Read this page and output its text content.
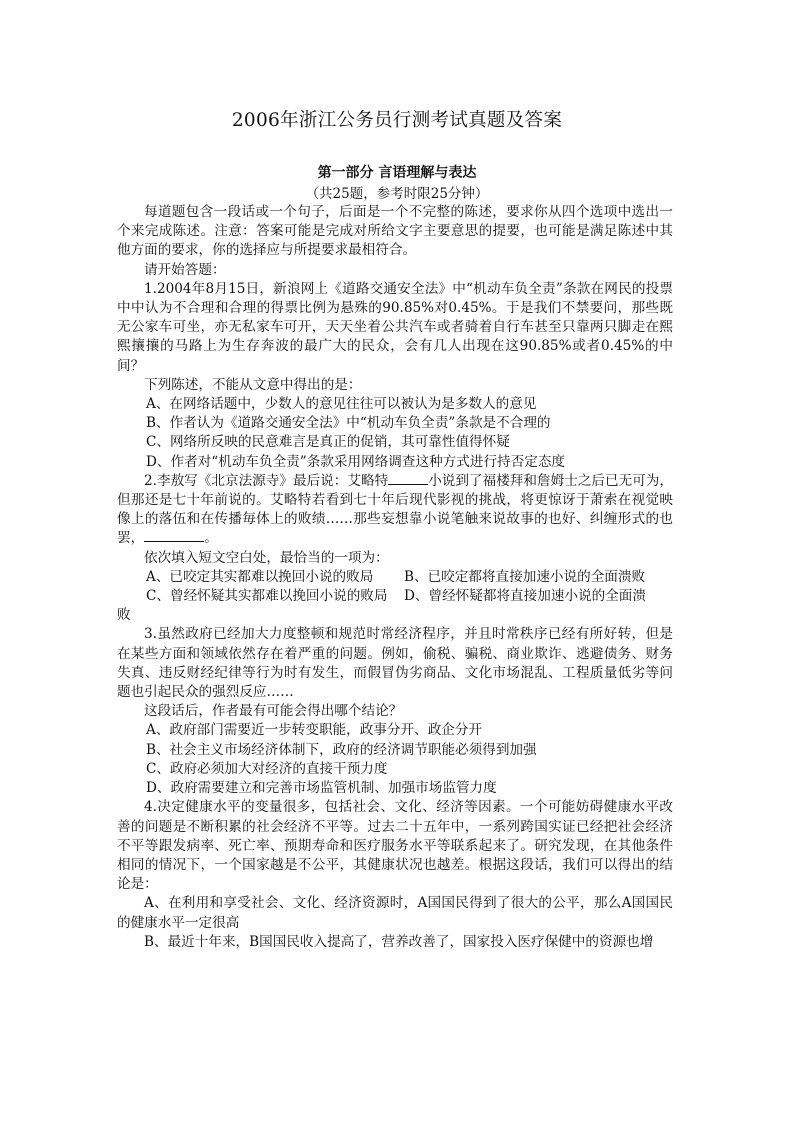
2006年浙江公务员行测考试真题及答案
第一部分 言语理解与表达
（共25题，参考时限25分钟）

每道题包含一段话或一个句子，后面是一个不完整的陈述，要求你从四个选项中选出一个来完成陈述。注意：答案可能是完成对所给文字主要意思的提要，也可能是满足陈述中其他方面的要求，你的选择应与所提要求最相符合。

请开始答题：

1.2004年8月15日，新浪网上《道路交通安全法》中“机动车负全责”条款在网民的投票中中认为不合理和合理的得票比例为悬殊的90.85%对0.45%。于是我们不禁要问，那些既无公家车可坐，亦无私家车可开，天天坐着公共汽车或者骑着自行车甚至只靠两只脚走在熙熙攘攘的马路上为生存奔波的最广大的民众，会有几人出现在这90.85%或者0.45%的中间？

下列陈述，不能从文意中得出的是：

A、在网络话题中，少数人的意见往往可以被认为是多数人的意见

B、作者认为《道路交通安全法》中“机动车负全责”条款是不合理的

C、网络所反映的民意难言是真正的促销，其可靠性值得怀疑

D、作者对“机动车负全责”条款采用网络调查这种方式进行持否定态度

2.李敖写《北京法源寺》最后说：艾略特	小说到了福楼拜和詹姆士之后已无可为，但那还是七十年前说的。艾略特若看到七十年后现代影视的挑战，将更惊讶于萧索在视觉映像上的落伍和在传播毎体上的败绩……那些妄想靠小说笔触来说故事的也好、纠缠形式的也罢，	。

依次填入短文空白处，最恰当的一项为：

A、已咬定其实都难以挽回小说的败局	B、已咬定都将直接加速小说的全面溃败
C、曾经怀疑其实都难以挽回小说的败局	D、曾经怀疑都将直接加速小说的全面溃

败

3.虽然政府已经加大力度整顿和规范时常经济程序，并且时常秩序已经有所好转，但是在某些方面和领域依然存在着严重的问题。例如，偷税、骗税、商业欺诈、逃避债务、财务失真、违反财经纪律等行为时有发生，而假冒伪劣商品、文化市场混乱、工程质量低劣等问题也引起民众的强烈反应……

这段话后，作者最有可能会得出哪个结论？

A、政府部门需要近一步转变职能，政事分开、政企分开

B、社会主义市场经济体制下，政府的经济调节职能必须得到加强

C、政府必须加大对经济的直接干预力度

D、政府需要建立和完善市场监管机制、加强市场监管力度

4.决定健康水平的变量很多，包括社会、文化、经济等因素。一个可能妨碍健康水平改善的问题是不断积累的社会经济不平等。过去二十五年中，一系列跨国实证已经把社会经济不平等跟发病率、死亡率、预期寿命和医疗服务水平等联系起来了。研究发现，在其他条件相同的情况下，一个国家越是不公平，其健康状况也越差。根据这段话，我们可以得出的结论是：

A、在利用和享受社会、文化、经济资源时，A国国民得到了很大的公平，那么A国国民的健康水平一定很高

B、最近十年来，B国国民收入提高了，营养改善了，国家投入医疗保健中的资源也增
